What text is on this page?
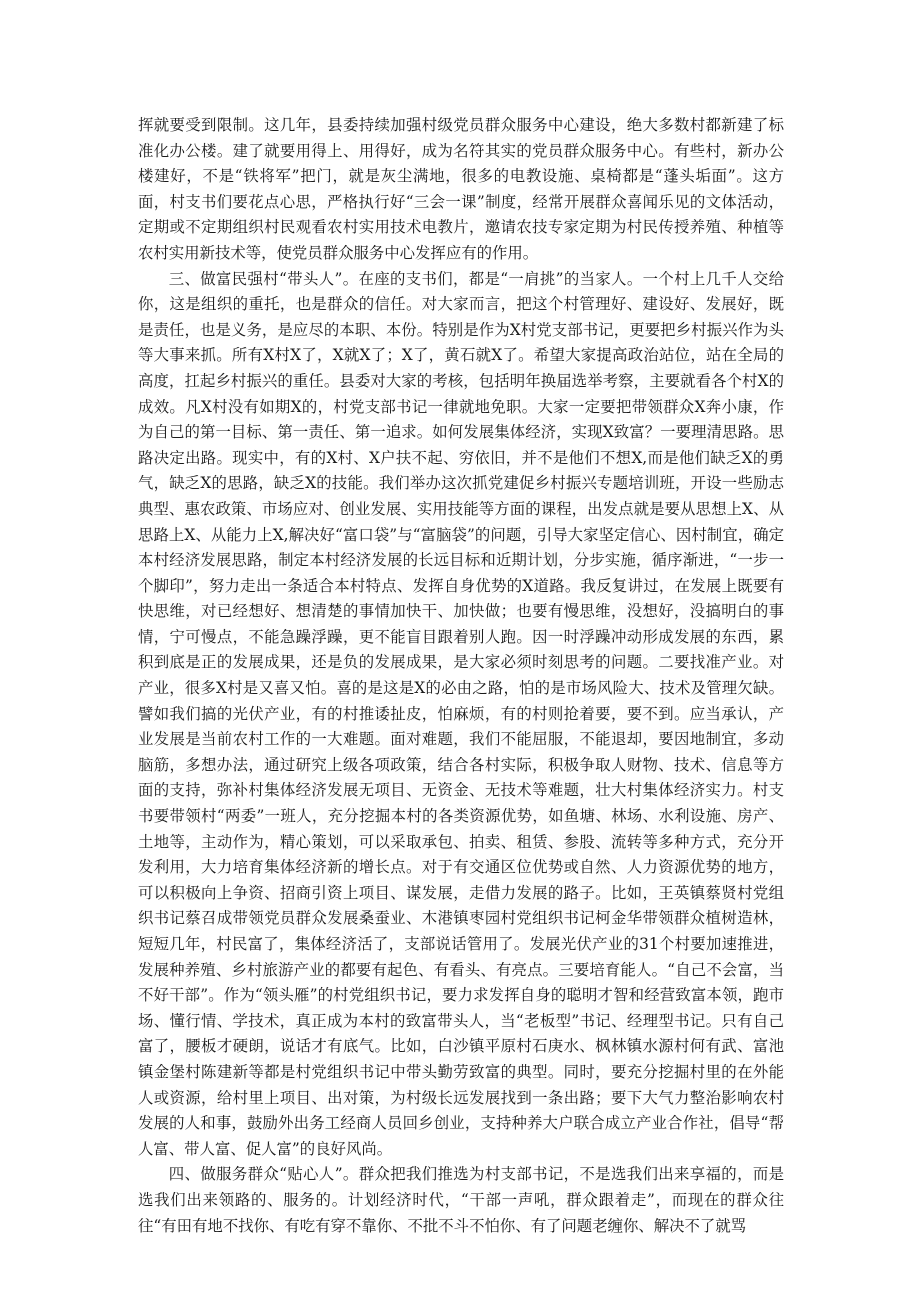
挥就要受到限制。这几年，县委持续加强村级党员群众服务中心建设，绝大多数村都新建了标准化办公楼。建了就要用得上、用得好，成为名符其实的党员群众服务中心。有些村，新办公楼建好，不是“铁将军”把门，就是灰尘满地，很多的电教设施、桌椅都是“蓬头垢面”。这方面，村支书们要花点心思，严格执行好“三会一课”制度，经常开展群众喜闻乐见的文体活动，定期或不定期组织村民观看农村实用技术电教片，邀请农技专家定期为村民传授养殖、种植等农村实用新技术等，使党员群众服务中心发挥应有的作用。

三、做富民强村“带头人”。在座的支书们，都是“一肩挑”的当家人。一个村上几千人交给你，这是组织的重托，也是群众的信任。对大家而言，把这个村管理好、建设好、发展好，既是责任，也是义务，是应尽的本职、本份。特别是作为X村党支部书记，更要把乡村振兴作为头等大事来抓。所有X村X了，X就X了；X了，黄石就X了。希望大家提高政治站位，站在全局的高度，扛起乡村振兴的重任。县委对大家的考核，包括明年换届选举考察，主要就看各个村X的成效。凡X村没有如期X的，村党支部书记一律就地免职。大家一定要把带领群众X奔小康，作为自己的第一目标、第一责任、第一追求。如何发展集体经济，实现X致富？一要理清思路。思路决定出路。现实中，有的X村、X户扶不起、穷依旧，并不是他们不想X,而是他们缺乏X的勇气，缺乏X的思路，缺乏X的技能。我们举办这次抓党建促乡村振兴专题培训班，开设一些励志典型、惠农政策、市场应对、创业发展、实用技能等方面的课程，出发点就是要从思想上X、从思路上X、从能力上X,解决好“富口袋”与“富脑袋”的问题，引导大家坚定信心、因村制宜，确定本村经济发展思路，制定本村经济发展的长远目标和近期计划，分步实施，循序渐进，“一步一个脚印”，努力走出一条适合本村特点、发挥自身优势的X道路。我反复讲过，在发展上既要有快思维，对已经想好、想清楚的事情加快干、加快做；也要有慢思维，没想好，没搞明白的事情，宁可慢点，不能急躁浮躁，更不能盲目跟着别人跑。因一时浮躁冲动形成发展的东西，累积到底是正的发展成果，还是负的发展成果，是大家必须时刻思考的问题。二要找准产业。对产业，很多X村是又喜又怕。喜的是这是X的必由之路，怕的是市场风险大、技术及管理欠缺。譬如我们搞的光伏产业，有的村推诿扯皮，怕麻烦，有的村则抢着要，要不到。应当承认，产业发展是当前农村工作的一大难题。面对难题，我们不能屈服，不能退却，要因地制宜，多动脑筋，多想办法，通过研究上级各项政策，结合各村实际，积极争取人财物、技术、信息等方面的支持，弥补村集体经济发展无项目、无资金、无技术等难题，壮大村集体经济实力。村支书要带领村“两委”一班人，充分挖掘本村的各类资源优势，如鱼塘、林场、水利设施、房产、土地等，主动作为，精心策划，可以采取承包、拍卖、租赁、参股、流转等多种方式，充分开发利用，大力培育集体经济新的增长点。对于有交通区位优势或自然、人力资源优势的地方，可以积极向上争资、招商引资上项目、谋发展，走借力发展的路子。比如，王英镇蔡贤村党组织书记蔡召成带领党员群众发展桑蚕业、木港镇枣园村党组织书记柯金华带领群众植树造林，短短几年，村民富了，集体经济活了，支部说话管用了。发展光伏产业的31个村要加速推进，发展种养殖、乡村旅游产业的都要有起色、有看头、有亮点。三要培育能人。“自己不会富，当不好干部”。作为“领头雁”的村党组织书记，要力求发挥自身的聪明才智和经营致富本领，跑市场、懂行情、学技术，真正成为本村的致富带头人，当“老板型”书记、经理型书记。只有自己富了，腰板才硬朗，说话才有底气。比如，白沙镇平原村石庚水、枫林镇水源村何有武、富池镇金堡村陈建新等都是村党组织书记中带头勤劳致富的典型。同时，要充分挖掘村里的在外能人或资源，给村里上项目、出对策，为村级长远发展找到一条出路；要下大气力整治影响农村发展的人和事，鼓励外出务工经商人员回乡创业，支持种养大户联合成立产业合作社，倡导“帮人富、带人富、促人富”的良好风尚。

四、做服务群众“贴心人”。群众把我们推选为村支部书记，不是选我们出来享福的，而是选我们出来领路的、服务的。计划经济时代，“干部一声吼，群众跟着走”，而现在的群众往往“有田有地不找你、有吃有穿不靠你、不批不斗不怕你、有了问题老缠你、解决不了就骂
